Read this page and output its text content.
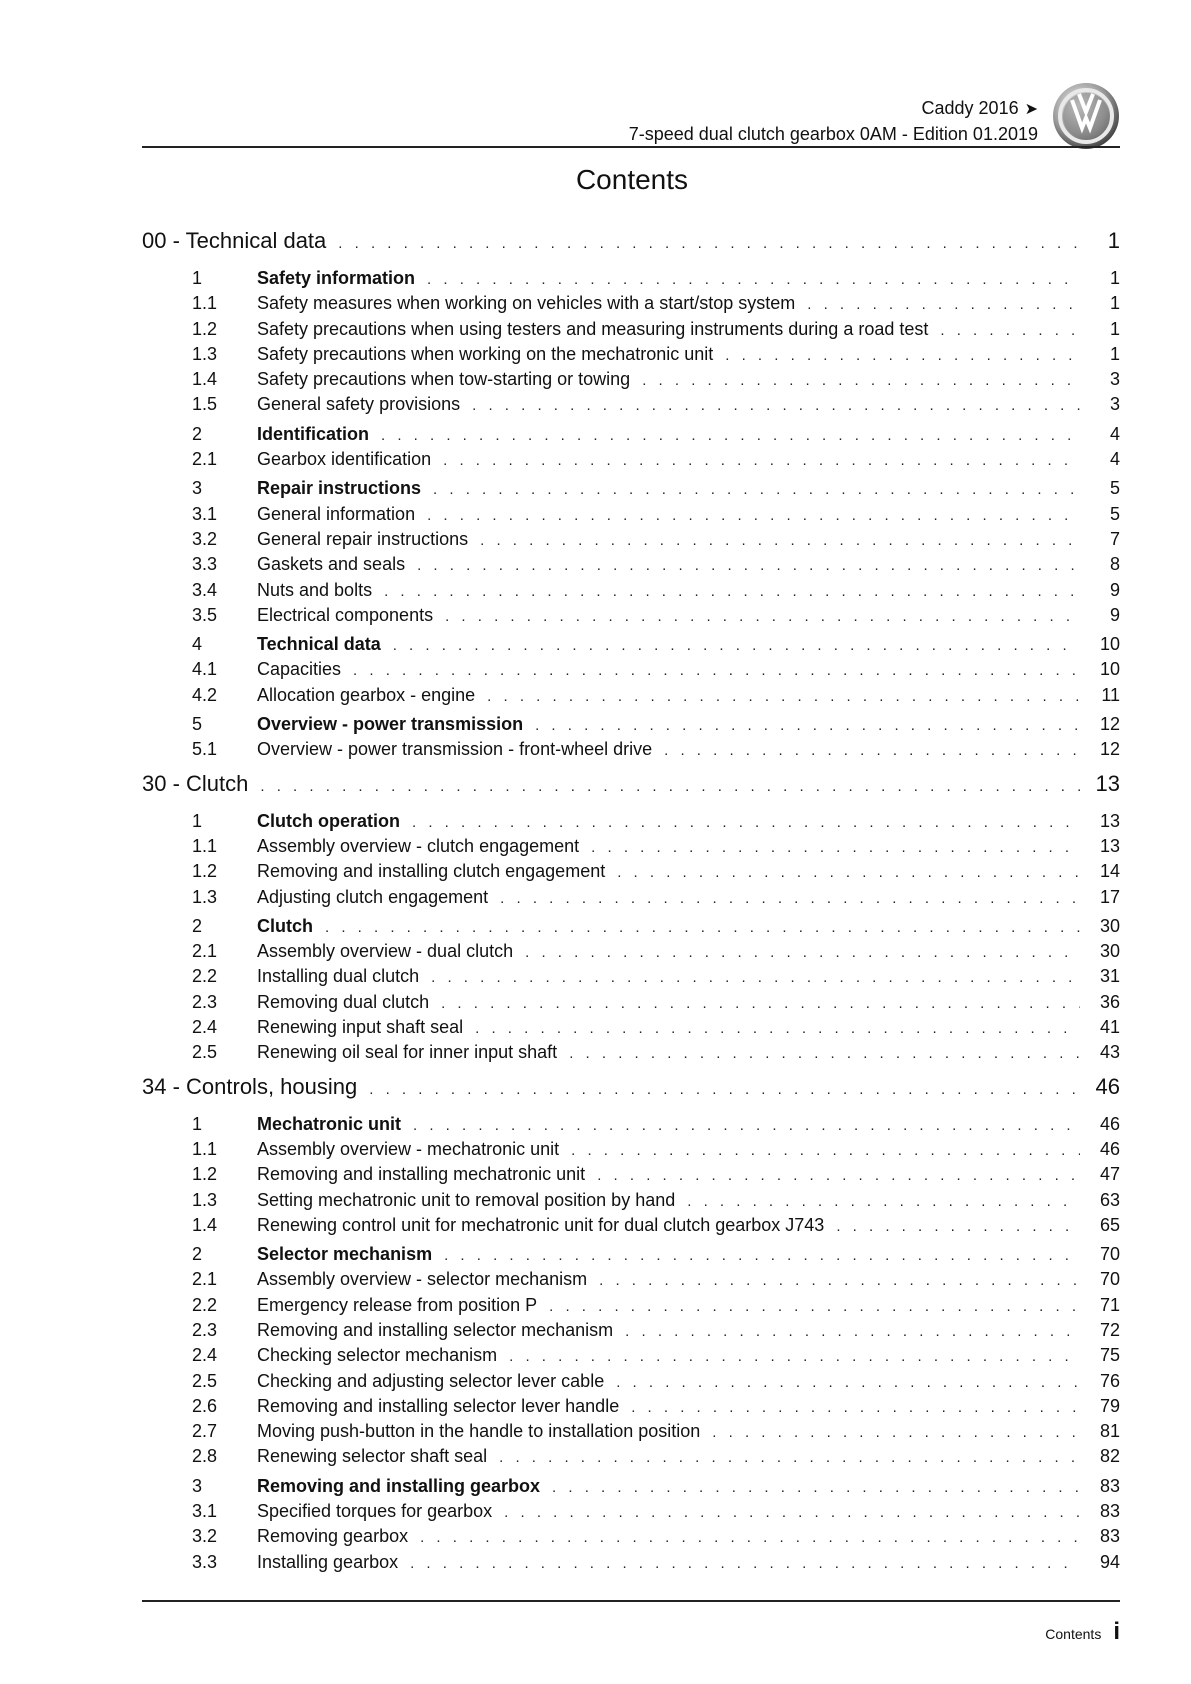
Caddy 2016 ➤
7-speed dual clutch gearbox 0AM - Edition 01.2019
Contents
00 - Technical data . . .	1
1	Safety information . . .	1
1.1	Safety measures when working on vehicles with a start/stop system . . .	1
1.2	Safety precautions when using testers and measuring instruments during a road test . . .	1
1.3	Safety precautions when working on the mechatronic unit . . .	1
1.4	Safety precautions when tow-starting or towing . . .	3
1.5	General safety provisions . . .	3
2	Identification . . .	4
2.1	Gearbox identification . . .	4
3	Repair instructions . . .	5
3.1	General information . . .	5
3.2	General repair instructions . . .	7
3.3	Gaskets and seals . . .	8
3.4	Nuts and bolts . . .	9
3.5	Electrical components . . .	9
4	Technical data . . .	10
4.1	Capacities . . .	10
4.2	Allocation gearbox - engine . . .	11
5	Overview - power transmission . . .	12
5.1	Overview - power transmission - front-wheel drive . . .	12
30 - Clutch . . .	13
1	Clutch operation . . .	13
1.1	Assembly overview - clutch engagement . . .	13
1.2	Removing and installing clutch engagement . . .	14
1.3	Adjusting clutch engagement . . .	17
2	Clutch . . .	30
2.1	Assembly overview - dual clutch . . .	30
2.2	Installing dual clutch . . .	31
2.3	Removing dual clutch . . .	36
2.4	Renewing input shaft seal . . .	41
2.5	Renewing oil seal for inner input shaft . . .	43
34 - Controls, housing . . .	46
1	Mechatronic unit . . .	46
1.1	Assembly overview - mechatronic unit . . .	46
1.2	Removing and installing mechatronic unit . . .	47
1.3	Setting mechatronic unit to removal position by hand . . .	63
1.4	Renewing control unit for mechatronic unit for dual clutch gearbox J743 . . .	65
2	Selector mechanism . . .	70
2.1	Assembly overview - selector mechanism . . .	70
2.2	Emergency release from position P . . .	71
2.3	Removing and installing selector mechanism . . .	72
2.4	Checking selector mechanism . . .	75
2.5	Checking and adjusting selector lever cable . . .	76
2.6	Removing and installing selector lever handle . . .	79
2.7	Moving push-button in the handle to installation position . . .	81
2.8	Renewing selector shaft seal . . .	82
3	Removing and installing gearbox . . .	83
3.1	Specified torques for gearbox . . .	83
3.2	Removing gearbox . . .	83
3.3	Installing gearbox . . .	94
Contents i
